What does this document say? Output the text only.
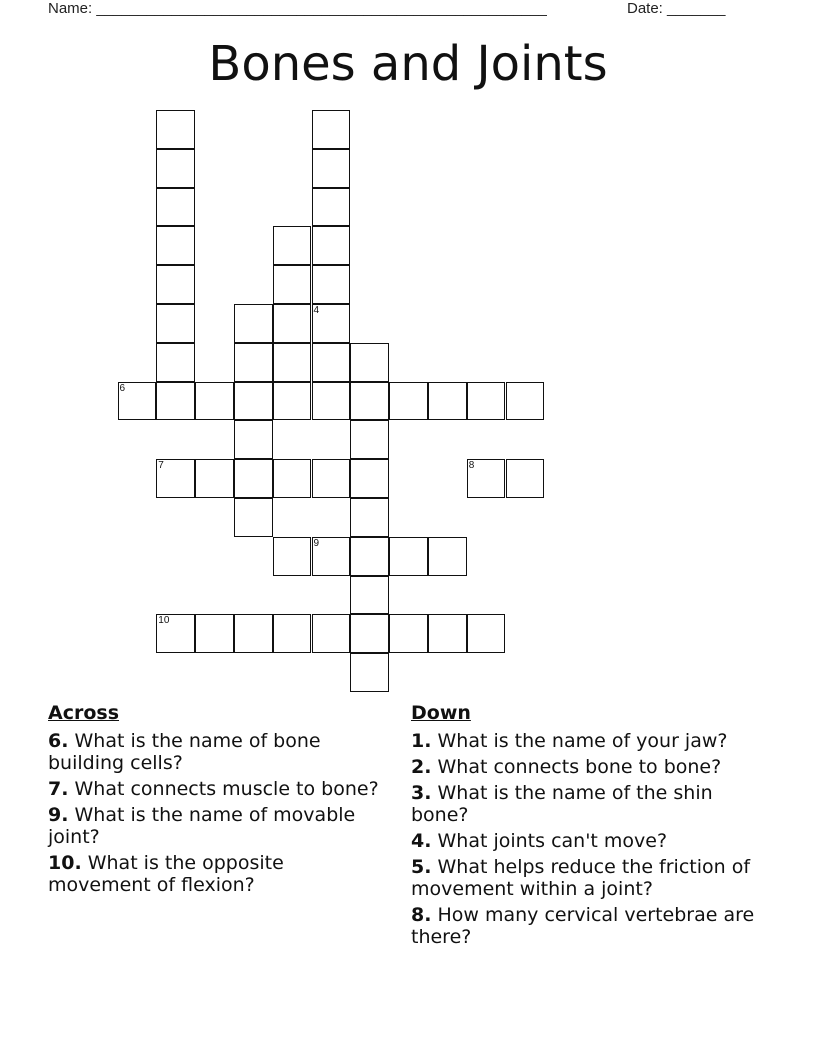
Name: ______________________________________________________	Date: _______
Bones and Joints
4
6
7	8
9
10
Across
6. What is the name of bone building cells?
7. What connects muscle to bone?
9. What is the name of movable joint?
10. What is the opposite movement of flexion?
Down
1. What is the name of your jaw?
2. What connects bone to bone?
3. What is the name of the shin bone?
4. What joints can't move?
5. What helps reduce the friction of movement within a joint?
8. How many cervical vertebrae are there?
